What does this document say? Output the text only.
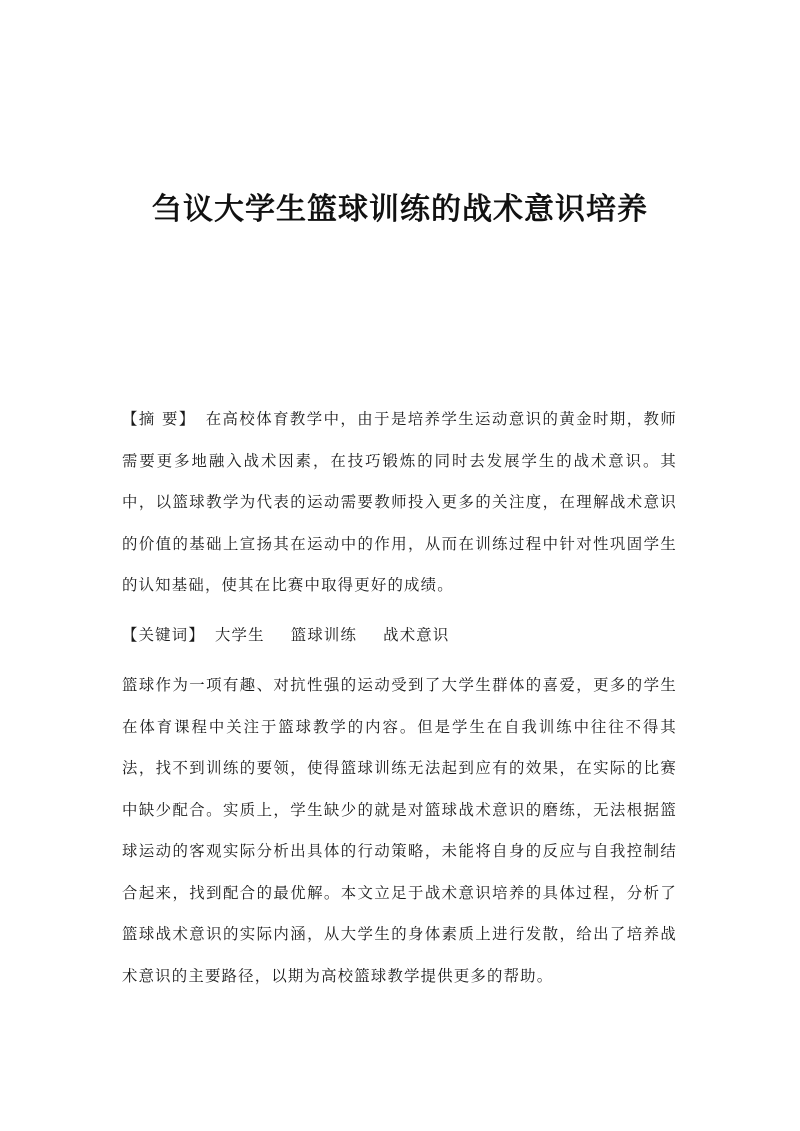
刍议大学生篮球训练的战术意识培养

【摘 要】 在高校体育教学中，由于是培养学生运动意识的黄金时期，教师需要更多地融入战术因素，在技巧锻炼的同时去发展学生的战术意识。其中，以篮球教学为代表的运动需要教师投入更多的关注度，在理解战术意识的价值的基础上宣扬其在运动中的作用，从而在训练过程中针对性巩固学生的认知基础，使其在比赛中取得更好的成绩。

【关键词】 大学生 篮球训练 战术意识

篮球作为一项有趣、对抗性强的运动受到了大学生群体的喜爱，更多的学生在体育课程中关注于篮球教学的内容。但是学生在自我训练中往往不得其法，找不到训练的要领，使得篮球训练无法起到应有的效果，在实际的比赛中缺少配合。实质上，学生缺少的就是对篮球战术意识的磨练，无法根据篮球运动的客观实际分析出具体的行动策略，未能将自身的反应与自我控制结合起来，找到配合的最优解。本文立足于战术意识培养的具体过程，分析了篮球战术意识的实际内涵，从大学生的身体素质上进行发散，给出了培养战术意识的主要路径，以期为高校篮球教学提供更多的帮助。
